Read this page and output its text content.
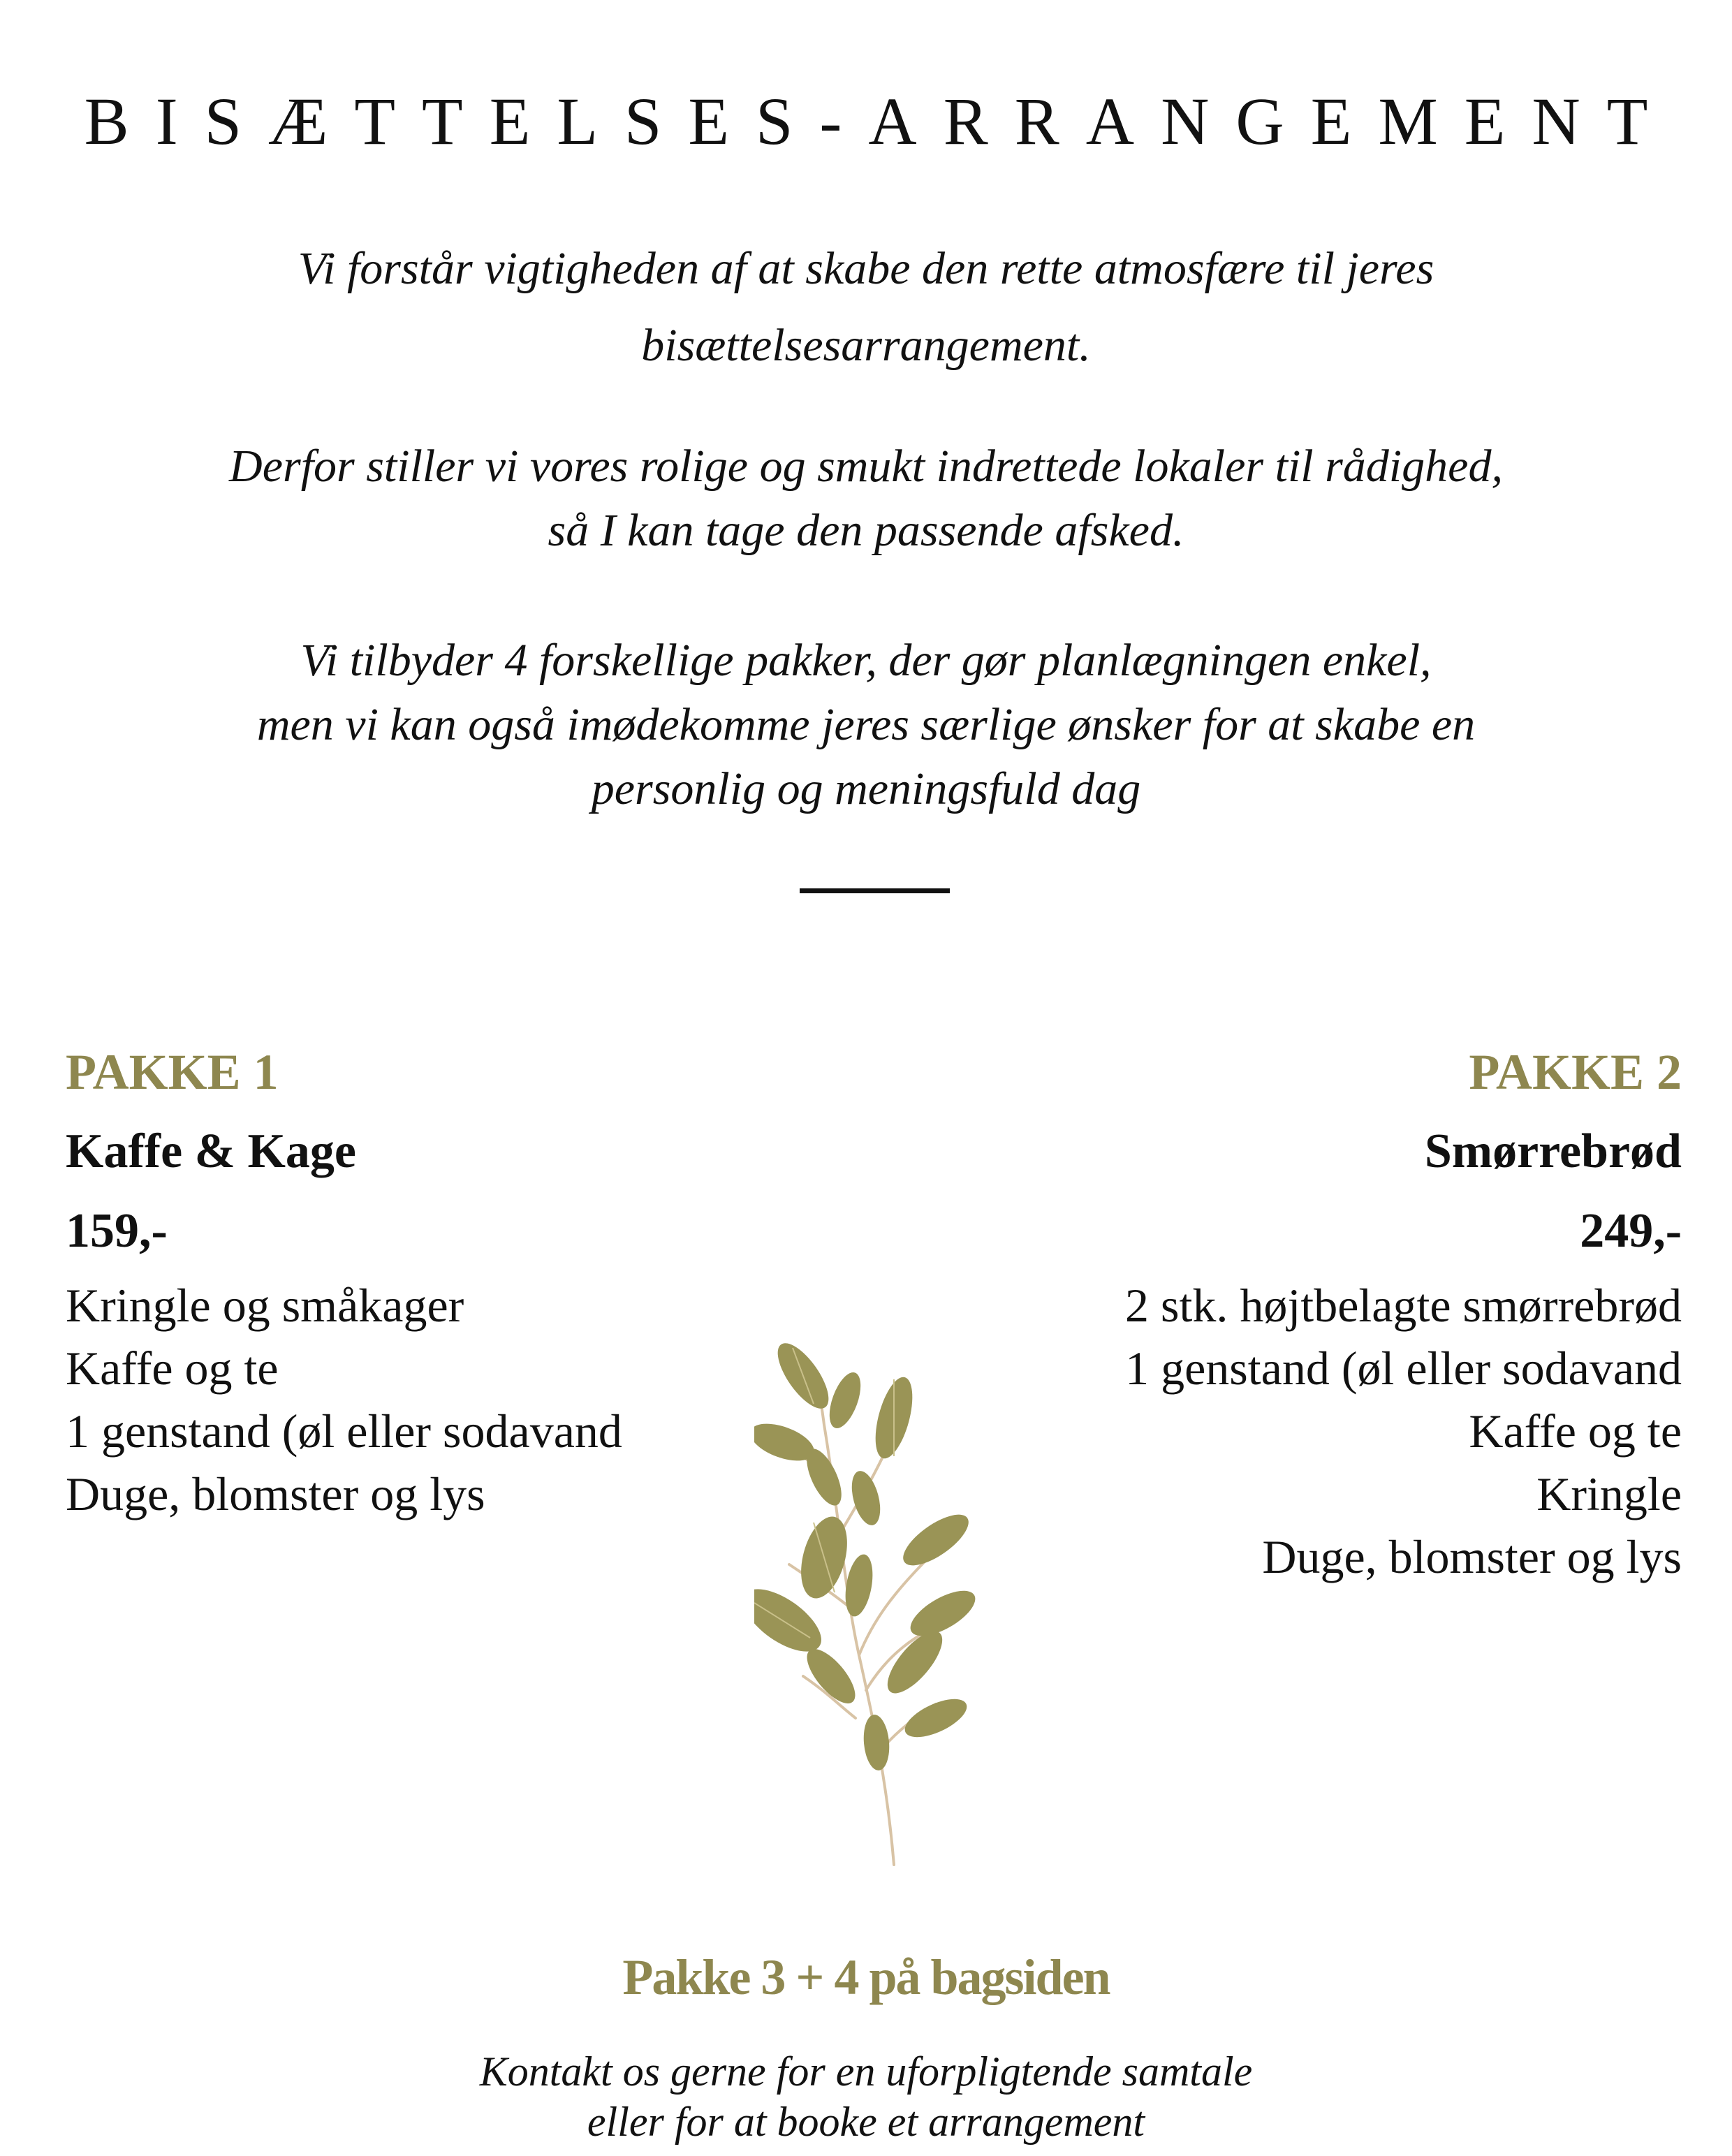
BISÆTTELSES-ARRANGEMENT
Vi forstår vigtigheden af at skabe den rette atmosfære til jeres
bisættelsesarrangement.
Derfor stiller vi vores rolige og smukt indrettede lokaler til rådighed,
så I kan tage den passende afsked.
Vi tilbyder 4 forskellige pakker, der gør planlægningen enkel,
men vi kan også imødekomme jeres særlige ønsker for at skabe en
personlig og meningsfuld dag

PAKKE 1

Kaffe & Kage

159,-

Kringle og småkager
Kaffe og te
1 genstand (øl eller sodavand
Duge, blomster og lys

PAKKE 2

Smørrebrød

249,-

2 stk. højtbelagte smørrebrød
1 genstand (øl eller sodavand
Kaffe og te
Kringle
Duge, blomster og lys

Pakke 3 + 4 på bagsiden

Kontakt os gerne for en uforpligtende samtale
eller for at booke et arrangement
